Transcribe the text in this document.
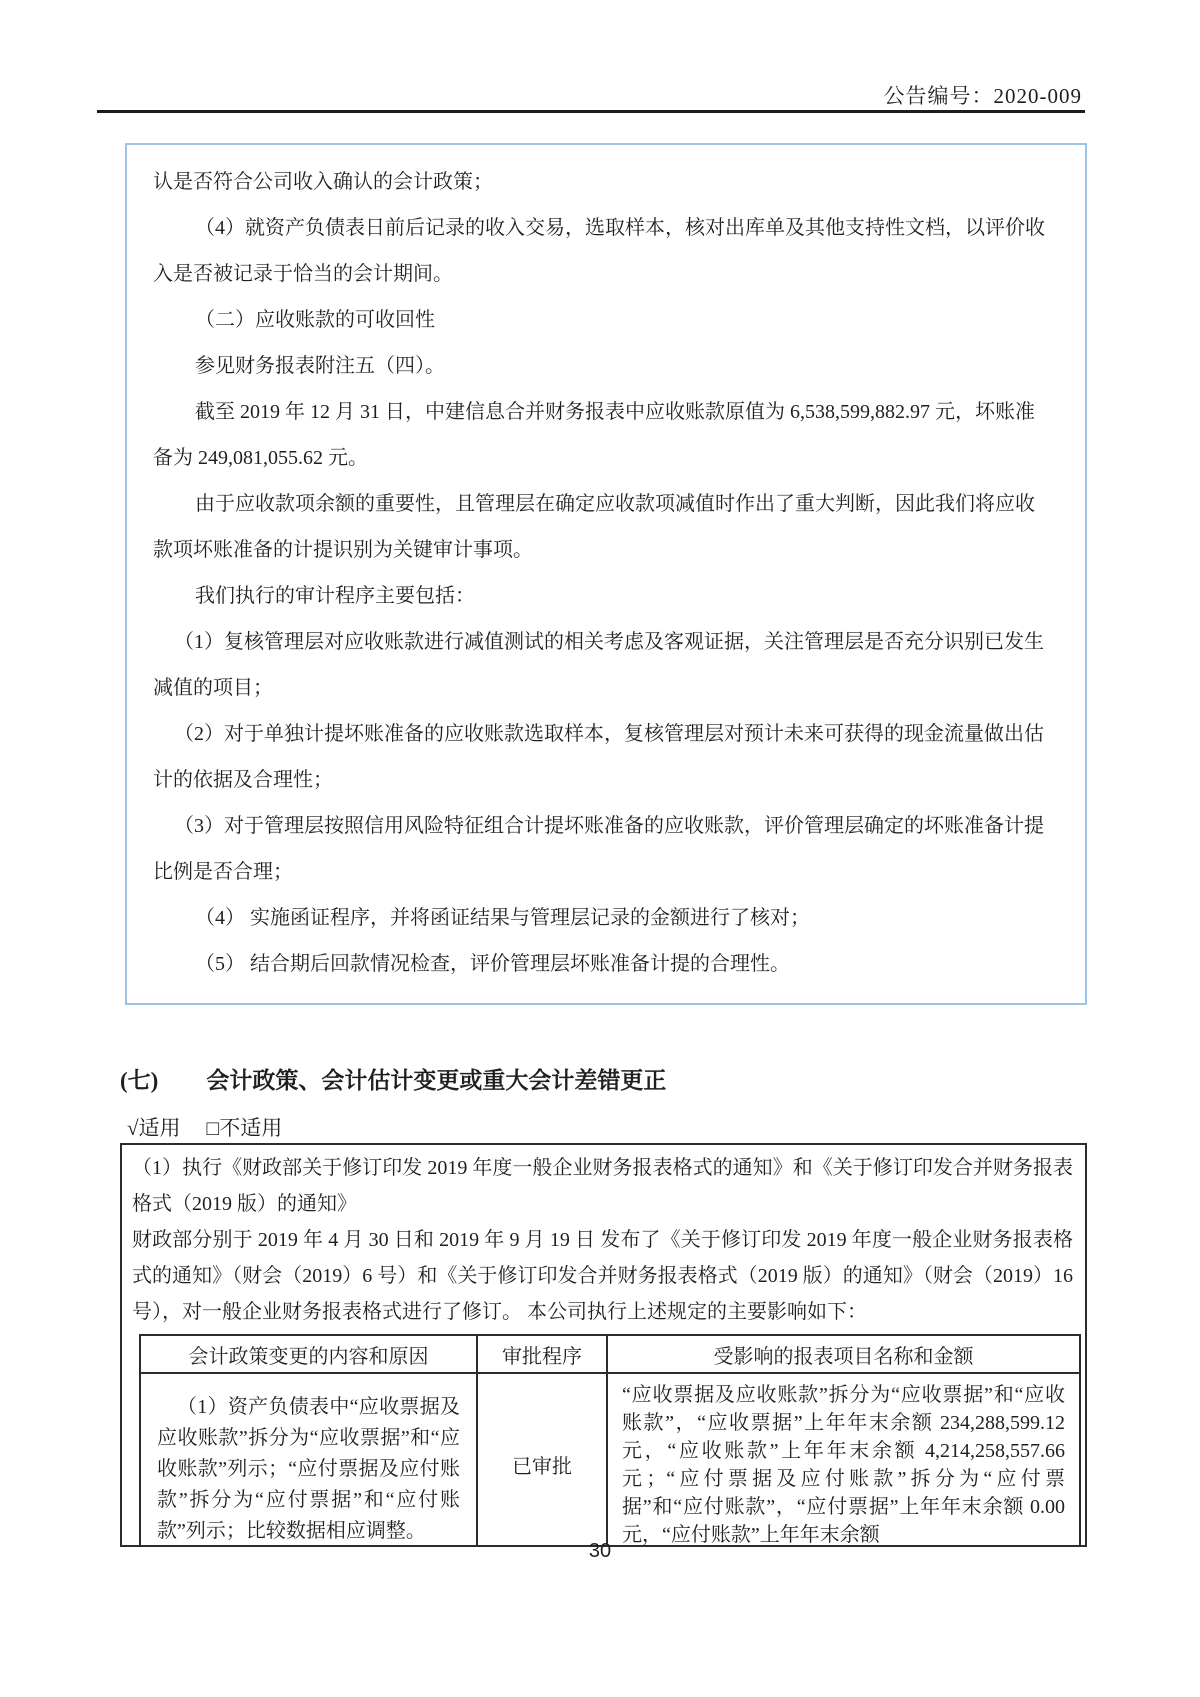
公告编号：2020-009
认是否符合公司收入确认的会计政策；
（4）就资产负债表日前后记录的收入交易，选取样本，核对出库单及其他支持性文档，以评价收
入是否被记录于恰当的会计期间。
（二）应收账款的可收回性
参见财务报表附注五（四）。
截至 2019 年 12 月 31 日，中建信息合并财务报表中应收账款原值为 6,538,599,882.97 元，坏账准
备为 249,081,055.62 元。
由于应收款项余额的重要性，且管理层在确定应收款项减值时作出了重大判断，因此我们将应收
款项坏账准备的计提识别为关键审计事项。
我们执行的审计程序主要包括：
（1）复核管理层对应收账款进行减值测试的相关考虑及客观证据，关注管理层是否充分识别已发生
减值的项目；
（2）对于单独计提坏账准备的应收账款选取样本，复核管理层对预计未来可获得的现金流量做出估
计的依据及合理性；
（3）对于管理层按照信用风险特征组合计提坏账准备的应收账款，评价管理层确定的坏账准备计提
比例是否合理；
（4） 实施函证程序，并将函证结果与管理层记录的金额进行了核对；
（5） 结合期后回款情况检查，评价管理层坏账准备计提的合理性。
(七) 会计政策、会计估计变更或重大会计差错更正
√适用 □不适用

（1）执行《财政部关于修订印发 2019 年度一般企业财务报表格式的通知》和《关于修订印发合并财务报表格式（2019 版）的通知》

财政部分别于 2019 年 4 月 30 日和 2019 年 9 月 19 日 发布了《关于修订印发 2019 年度一般企业财务报表格式的通知》（财会（2019）6 号）和《关于修订印发合并财务报表格式（2019 版）的通知》（财会（2019）16 号），对一般企业财务报表格式进行了修订。 本公司执行上述规定的主要影响如下：

会计政策变更的内容和原因	审批程序	受影响的报表项目名称和金额
（1）资产负债表中“应收票据及应收账款”拆分为“应收票据”和“应收账款”列示；“应付票据及应付账款”拆分为“应付票据”和“应付账款”列示；比较数据相应调整。	已审批	“应收票据及应收账款”拆分为“应收票据”和“应收账款”，“应收票据”上年年末余额 234,288,599.12 元，“应收账款”上年年末余额 4,214,258,557.66 元；“应付票据及应付账款”拆分为“应付票据”和“应付账款”，“应付票据”上年年末余额 0.00 元，“应付账款”上年年末余额
30
